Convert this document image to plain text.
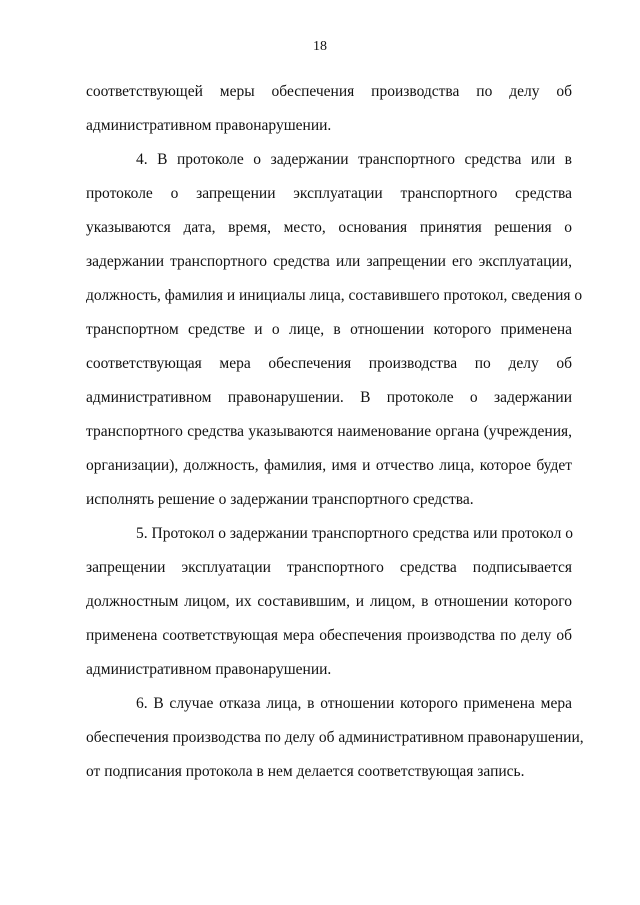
18
соответствующей меры обеспечения производства по делу об
административном правонарушении.
4. В протоколе о задержании транспортного средства или в
протоколе о запрещении эксплуатации транспортного средства
указываются дата, время, место, основания принятия решения о
задержании транспортного средства или запрещении его эксплуатации,
должность, фамилия и инициалы лица, составившего протокол, сведения о
транспортном средстве и о лице, в отношении которого применена
соответствующая мера обеспечения производства по делу об
административном правонарушении. В протоколе о задержании
транспортного средства указываются наименование органа (учреждения,
организации), должность, фамилия, имя и отчество лица, которое будет
исполнять решение о задержании транспортного средства.
5. Протокол о задержании транспортного средства или протокол о
запрещении эксплуатации транспортного средства подписывается
должностным лицом, их составившим, и лицом, в отношении которого
применена соответствующая мера обеспечения производства по делу об
административном правонарушении.
6. В случае отказа лица, в отношении которого применена мера
обеспечения производства по делу об административном правонарушении,
от подписания протокола в нем делается соответствующая запись.
